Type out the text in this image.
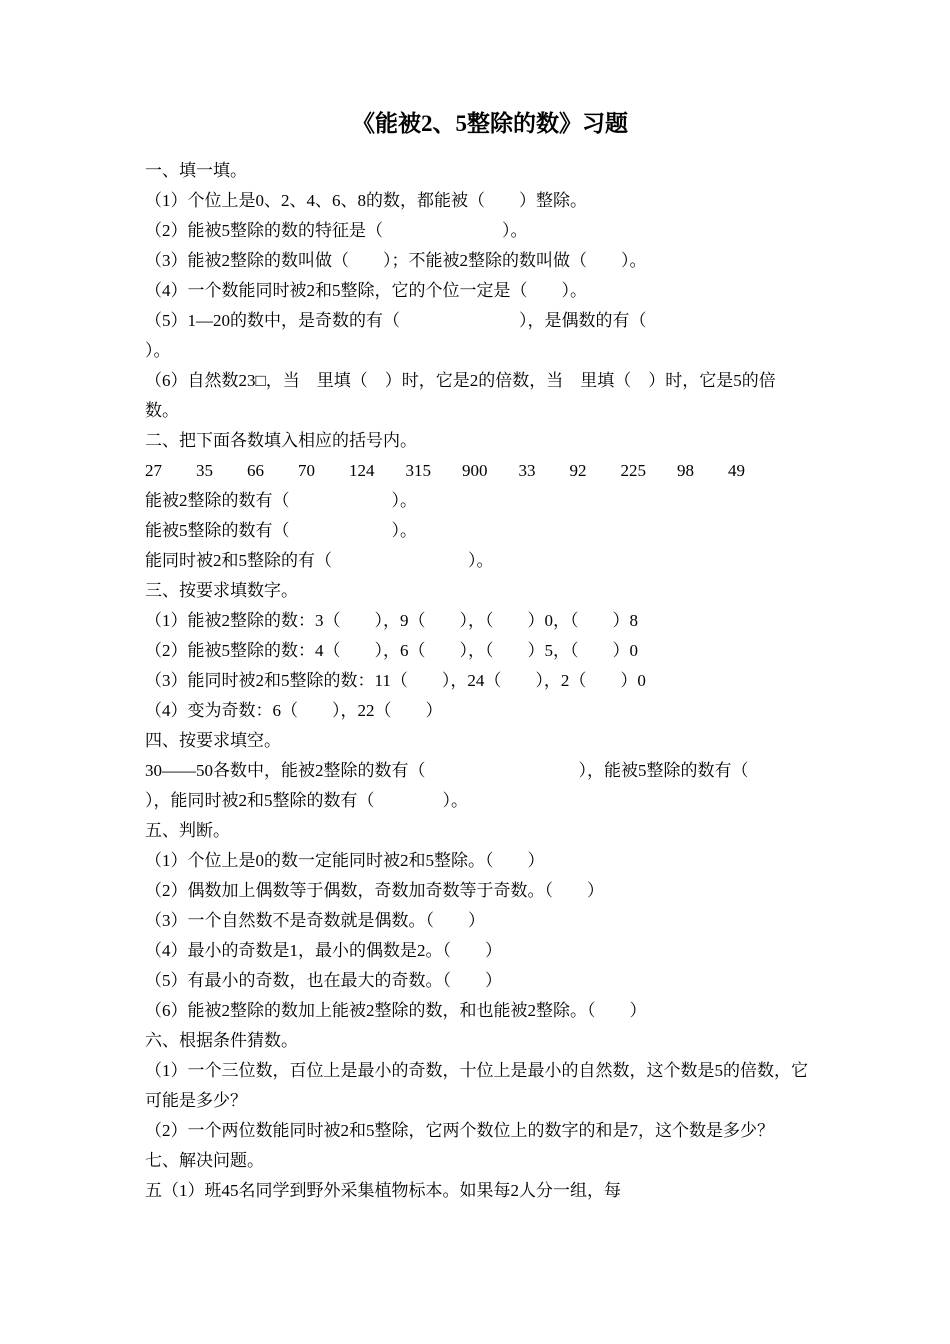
《能被2、5整除的数》习题

一、填一填。

（1）个位上是0、2、4、6、8的数，都能被（　　）整除。

（2）能被5整除的数的特征是（　　　　　　　）。

（3）能被2整除的数叫做（　　）；不能被2整除的数叫做（　　）。

（4）一个数能同时被2和5整除，它的个位一定是（　　）。

（5）1—20的数中，是奇数的有（　　　　　　　），是偶数的有（

）。

（6）自然数23□，当　里填（　）时，它是2的倍数，当　里填（　）时，它是5的倍

数。

二、把下面各数填入相应的括号内。

27 35 66 70 124 315 900 33 92 225 98 49

能被2整除的数有（　　　　　　）。

能被5整除的数有（　　　　　　）。

能同时被2和5整除的有（　　　　　　　　）。

三、按要求填数字。

（1）能被2整除的数：3（　　），9（　　），（　　）0，（　　）8

（2）能被5整除的数：4（　　），6（　　），（　　）5，（　　）0

（3）能同时被2和5整除的数：11（　　），24（　　），2（　　）0

（4）变为奇数：6（　　），22（　　）

四、按要求填空。

30——50各数中，能被2整除的数有（　　　　　　　　　），能被5整除的数有（

），能同时被2和5整除的数有（　　　　）。

五、判断。

（1）个位上是0的数一定能同时被2和5整除。（　　）

（2）偶数加上偶数等于偶数，奇数加奇数等于奇数。（　　）

（3）一个自然数不是奇数就是偶数。（　　）

（4）最小的奇数是1，最小的偶数是2。（　　）

（5）有最小的奇数，也在最大的奇数。（　　）

（6）能被2整除的数加上能被2整除的数，和也能被2整除。（　　）

六、根据条件猜数。

（1）一个三位数，百位上是最小的奇数，十位上是最小的自然数，这个数是5的倍数，它

可能是多少？

（2）一个两位数能同时被2和5整除，它两个数位上的数字的和是7，这个数是多少？

七、解决问题。

五（1）班45名同学到野外采集植物标本。如果每2人分一组，每
